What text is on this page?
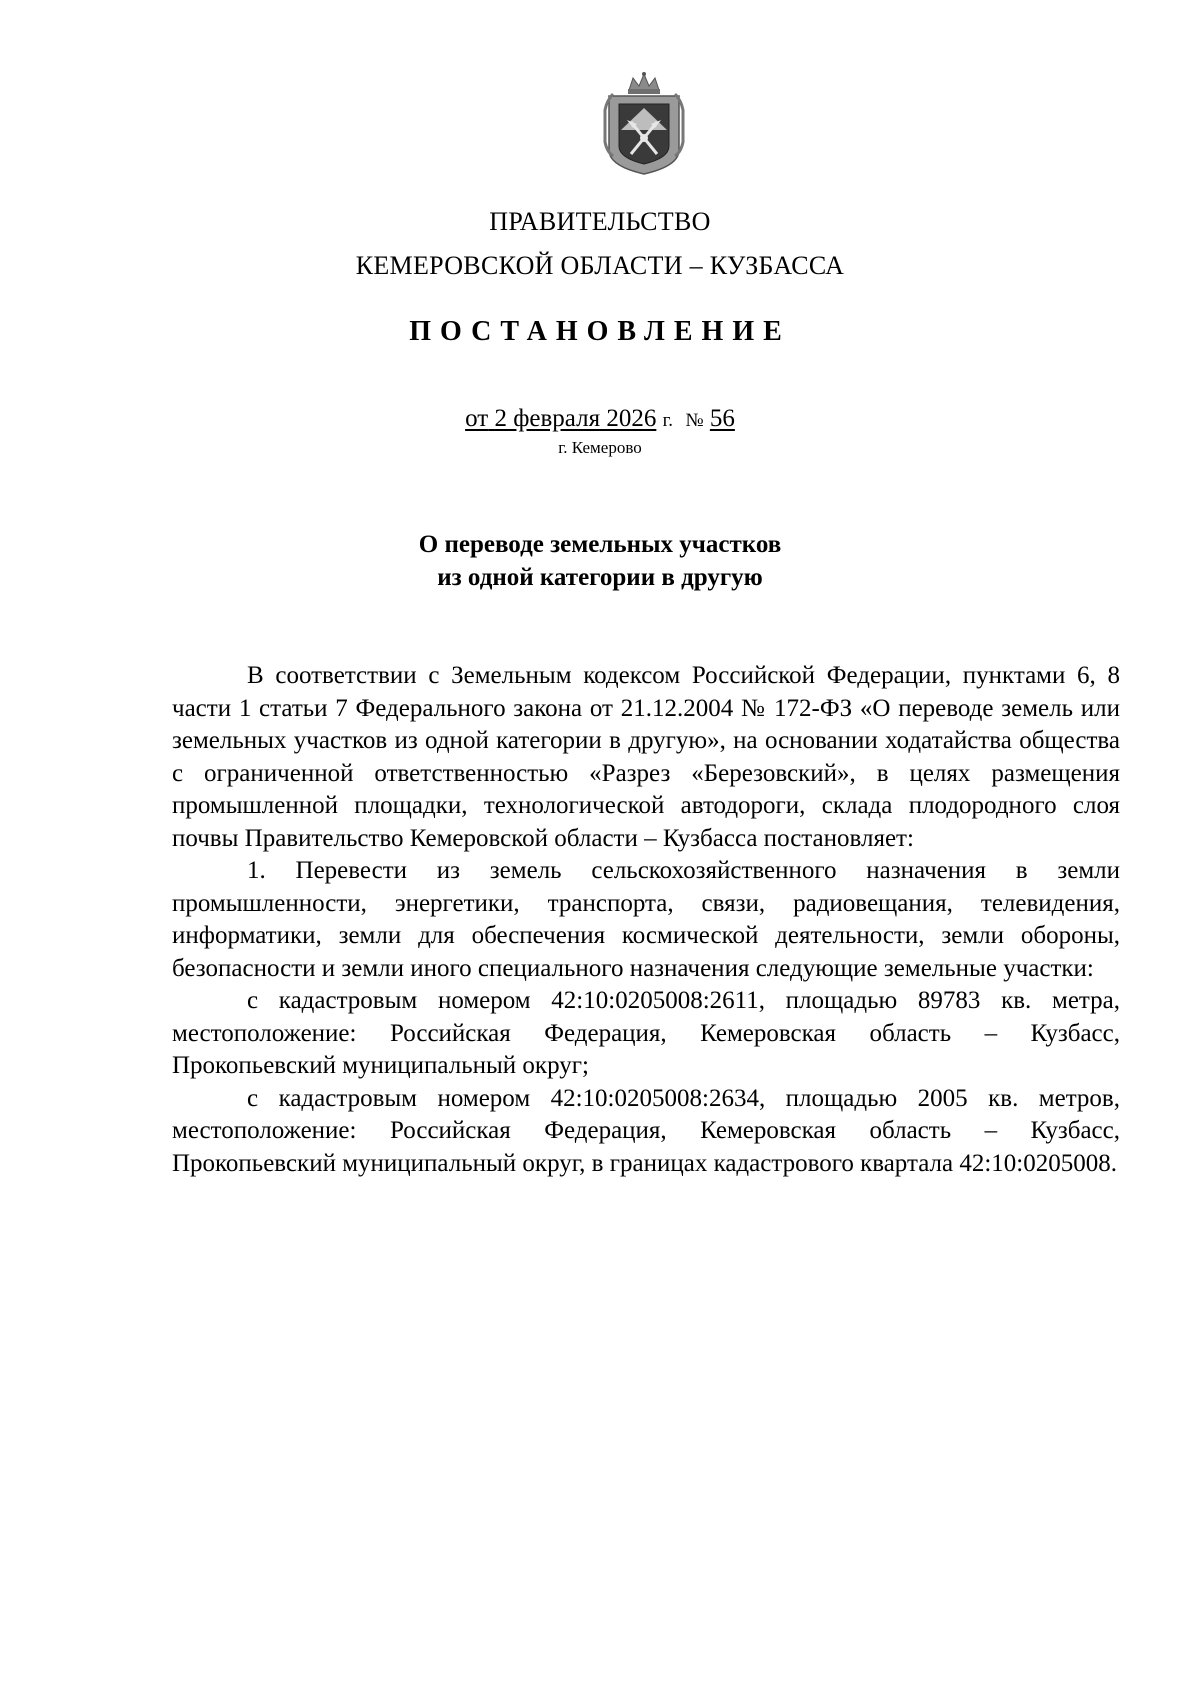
ПРАВИТЕЛЬСТВО
КЕМЕРОВСКОЙ ОБЛАСТИ – КУЗБАССА
ПОСТАНОВЛЕНИЕ
от 2 февраля 2026 г. № 56
г. Кемерово
О переводе земельных участков
из одной категории в другую

В соответствии с Земельным кодексом Российской Федерации, пунктами 6, 8 части 1 статьи 7 Федерального закона от 21.12.2004 № 172-ФЗ «О переводе земель или земельных участков из одной категории в другую», на основании ходатайства общества с ограниченной ответственностью «Разрез «Березовский», в целях размещения промышленной площадки, технологической автодороги, склада плодородного слоя почвы Правительство Кемеровской области – Кузбасса постановляет:

1. Перевести из земель сельскохозяйственного назначения в земли промышленности, энергетики, транспорта, связи, радиовещания, телевидения, информатики, земли для обеспечения космической деятельности, земли обороны, безопасности и земли иного специального назначения следующие земельные участки:

с кадастровым номером 42:10:0205008:2611, площадью 89783 кв. метра, местоположение: Российская Федерация, Кемеровская область – Кузбасс, Прокопьевский муниципальный округ;

с кадастровым номером 42:10:0205008:2634, площадью 2005 кв. метров, местоположение: Российская Федерация, Кемеровская область – Кузбасс, Прокопьевский муниципальный округ, в границах кадастрового квартала 42:10:0205008.
